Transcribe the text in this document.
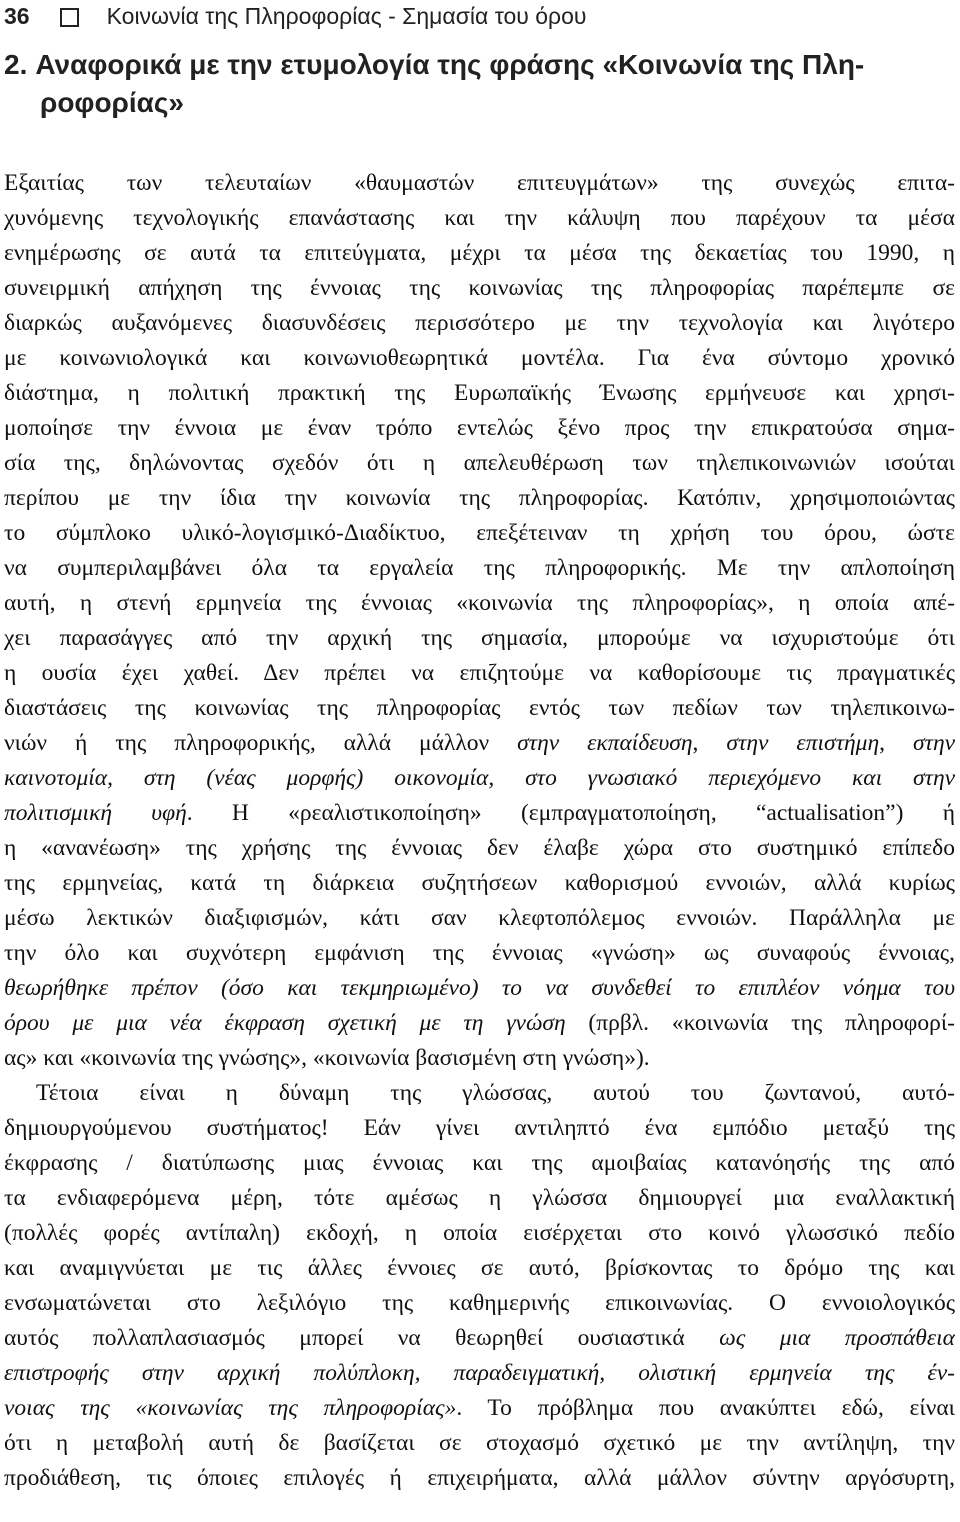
36	Κοινωνία της Πληροφορίας - Σημασία του όρου
2. Αναφορικά με την ετυμολογία της φράσης «Κοινωνία της Πλη-
ροφορίας»
Εξαιτίας των τελευταίων «θαυμαστών επιτευγμάτων» της συνεχώς επιτα-
χυνόμενης τεχνολογικής επανάστασης και την κάλυψη που παρέχουν τα μέσα
ενημέρωσης σε αυτά τα επιτεύγματα, μέχρι τα μέσα της δεκαετίας του 1990, η
συνειρμική απήχηση της έννοιας της κοινωνίας της πληροφορίας παρέπεμπε σε
διαρκώς αυξανόμενες διασυνδέσεις περισσότερο με την τεχνολογία και λιγότερο
με κοινωνιολογικά και κοινωνιοθεωρητικά μοντέλα. Για ένα σύντομο χρονικό
διάστημα, η πολιτική πρακτική της Ευρωπαϊκής Ένωσης ερμήνευσε και χρησι-
μοποίησε την έννοια με έναν τρόπο εντελώς ξένο προς την επικρατούσα σημα-
σία της, δηλώνοντας σχεδόν ότι η απελευθέρωση των τηλεπικοινωνιών ισούται
περίπου με την ίδια την κοινωνία της πληροφορίας. Κατόπιν, χρησιμοποιώντας
το σύμπλοκο υλικό-λογισμικό-Διαδίκτυο, επεξέτειναν τη χρήση του όρου, ώστε
να συμπεριλαμβάνει όλα τα εργαλεία της πληροφορικής. Με την απλοποίηση
αυτή, η στενή ερμηνεία της έννοιας «κοινωνία της πληροφορίας», η οποία απέ-
χει παρασάγγες από την αρχική της σημασία, μπορούμε να ισχυριστούμε ότι
η ουσία έχει χαθεί. Δεν πρέπει να επιζητούμε να καθορίσουμε τις πραγματικές
διαστάσεις της κοινωνίας της πληροφορίας εντός των πεδίων των τηλεπικοινω-
νιών ή της πληροφορικής, αλλά μάλλον στην εκπαίδευση, στην επιστήμη, στην
καινοτομία, στη (νέας μορφής) οικονομία, στο γνωσιακό περιεχόμενο και στην
πολιτισμική υφή. Η «ρεαλιστικοποίηση» (εμπραγματοποίηση, “actualisation”) ή
η «ανανέωση» της χρήσης της έννοιας δεν έλαβε χώρα στο συστημικό επίπεδο
της ερμηνείας, κατά τη διάρκεια συζητήσεων καθορισμού εννοιών, αλλά κυρίως
μέσω λεκτικών διαξιφισμών, κάτι σαν κλεφτοπόλεμος εννοιών. Παράλληλα με
την όλο και συχνότερη εμφάνιση της έννοιας «γνώση» ως συναφούς έννοιας,
θεωρήθηκε πρέπον (όσο και τεκμηριωμένο) το να συνδεθεί το επιπλέον νόημα του
όρου με μια νέα έκφραση σχετική με τη γνώση (πρβλ. «κοινωνία της πληροφορί-
ας» και «κοινωνία της γνώσης», «κοινωνία βασισμένη στη γνώση»).
Τέτοια είναι η δύναμη της γλώσσας, αυτού του ζωντανού, αυτό-
δημιουργούμενου συστήματος! Εάν γίνει αντιληπτό ένα εμπόδιο μεταξύ της
έκφρασης / διατύπωσης μιας έννοιας και της αμοιβαίας κατανόησής της από
τα ενδιαφερόμενα μέρη, τότε αμέσως η γλώσσα δημιουργεί μια εναλλακτική
(πολλές φορές αντίπαλη) εκδοχή, η οποία εισέρχεται στο κοινό γλωσσικό πεδίο
και αναμιγνύεται με τις άλλες έννοιες σε αυτό, βρίσκοντας το δρόμο της και
ενσωματώνεται στο λεξιλόγιο της καθημερινής επικοινωνίας. Ο εννοιολογικός
αυτός πολλαπλασιασμός μπορεί να θεωρηθεί ουσιαστικά ως μια προσπάθεια
επιστροφής στην αρχική πολύπλοκη, παραδειγματική, ολιστική ερμηνεία της έν-
νοιας της «κοινωνίας της πληροφορίας». Το πρόβλημα που ανακύπτει εδώ, είναι
ότι η μεταβολή αυτή δε βασίζεται σε στοχασμό σχετικό με την αντίληψη, την
προδιάθεση, τις όποιες επιλογές ή επιχειρήματα, αλλά μάλλον σύντην αργόσυρτη,
